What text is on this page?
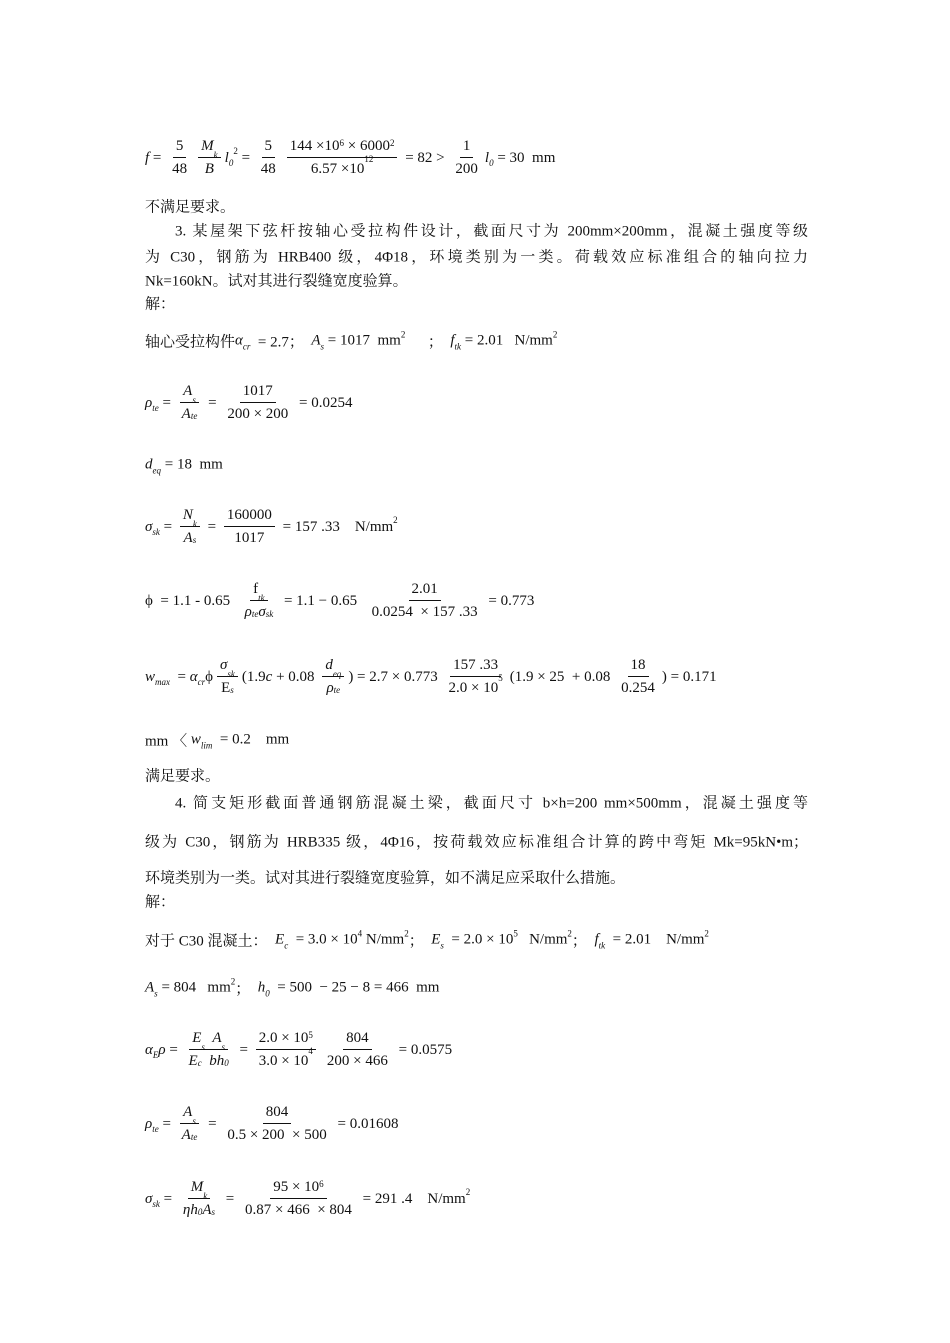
$f = \frac{5}{48}$ M
k
B l 0
$2 = \frac{5}{48} 144 \times 10$ 6 × 6000 2
6.57 ×10
$12 = 82 > \frac{1}{200}$ l 0 = 30  mm
不满足要求。
3. 某屋架下弦杆按轴心受拉构件设计，截面尺寸为 200mm×200mm，混凝土强度等级
为 C30，钢筋为 HRB400 级，4Φ18，环境类别为一类。荷载效应标准组合的轴向拉力
Nk=160kN。试对其进行裂缝宽度验算。
解：
轴心受拉构件 α cr = 2.7； A s = 1017  mm 2
； f tk = 2.01   N/mm 2
ρ te = A
s
A te = $\frac{1017}{200 \times 200} = 0.0254$
d eq = 18  mm
σ sk = N
k
A $s = \frac{160000}{1017} = 157$ .33    N/mm 2
ϕ  = 1.1 - 0.65 f
tk
ρ te σ sk = $1.1 - 0.65 \frac{2.01}{0.0254 \times 157 .33} = 0.773$
w max = α cr ϕ σ
sk
E s (1.9 c + 0.08 d
eq
ρ te ) = 2.7 × 0.773 157 .33
2.0 × 10
5 ($1.9 \times 25 + 0.08 \frac{18}{0.254}$ ) = 0.171
mm 〈 w lim = 0.2    mm
满足要求。
4. 简支矩形截面普通钢筋混凝土梁，截面尺寸 b×h=200 mm×500mm，混凝土强度等
级为 C30，钢筋为 HRB335 级，4Φ16，按荷载效应标准组合计算的跨中弯矩 Mk=95kN•m；
环境类别为一类。试对其进行裂缝宽度验算，如不满足应采取什么措施。
解：
对于 C30 混凝土： E c = 3.0 × 10 4 N/mm 2
； E s = 2.0 × 10 5 N/mm 2
； f tk = 2.01    N/mm 2
A s = 804   mm 2
； h 0 = 500  − 25 − 8 = 466  mm
α E ρ = E
s

A
s
E c
bh 0 = 2.0 × 10 5
3.0 × 10
$4 \frac{804}{200 \times 466} = 0.0575$
ρ te = A
s
A te = $\frac{804}{0.5 \times 200 \times 500} = 0.01608$
σ sk = M
k
ηh 0 A $s = \frac{95 \times 10 6}{0.87 \times 466 \times 804} = 291$ .4    N/mm 2
